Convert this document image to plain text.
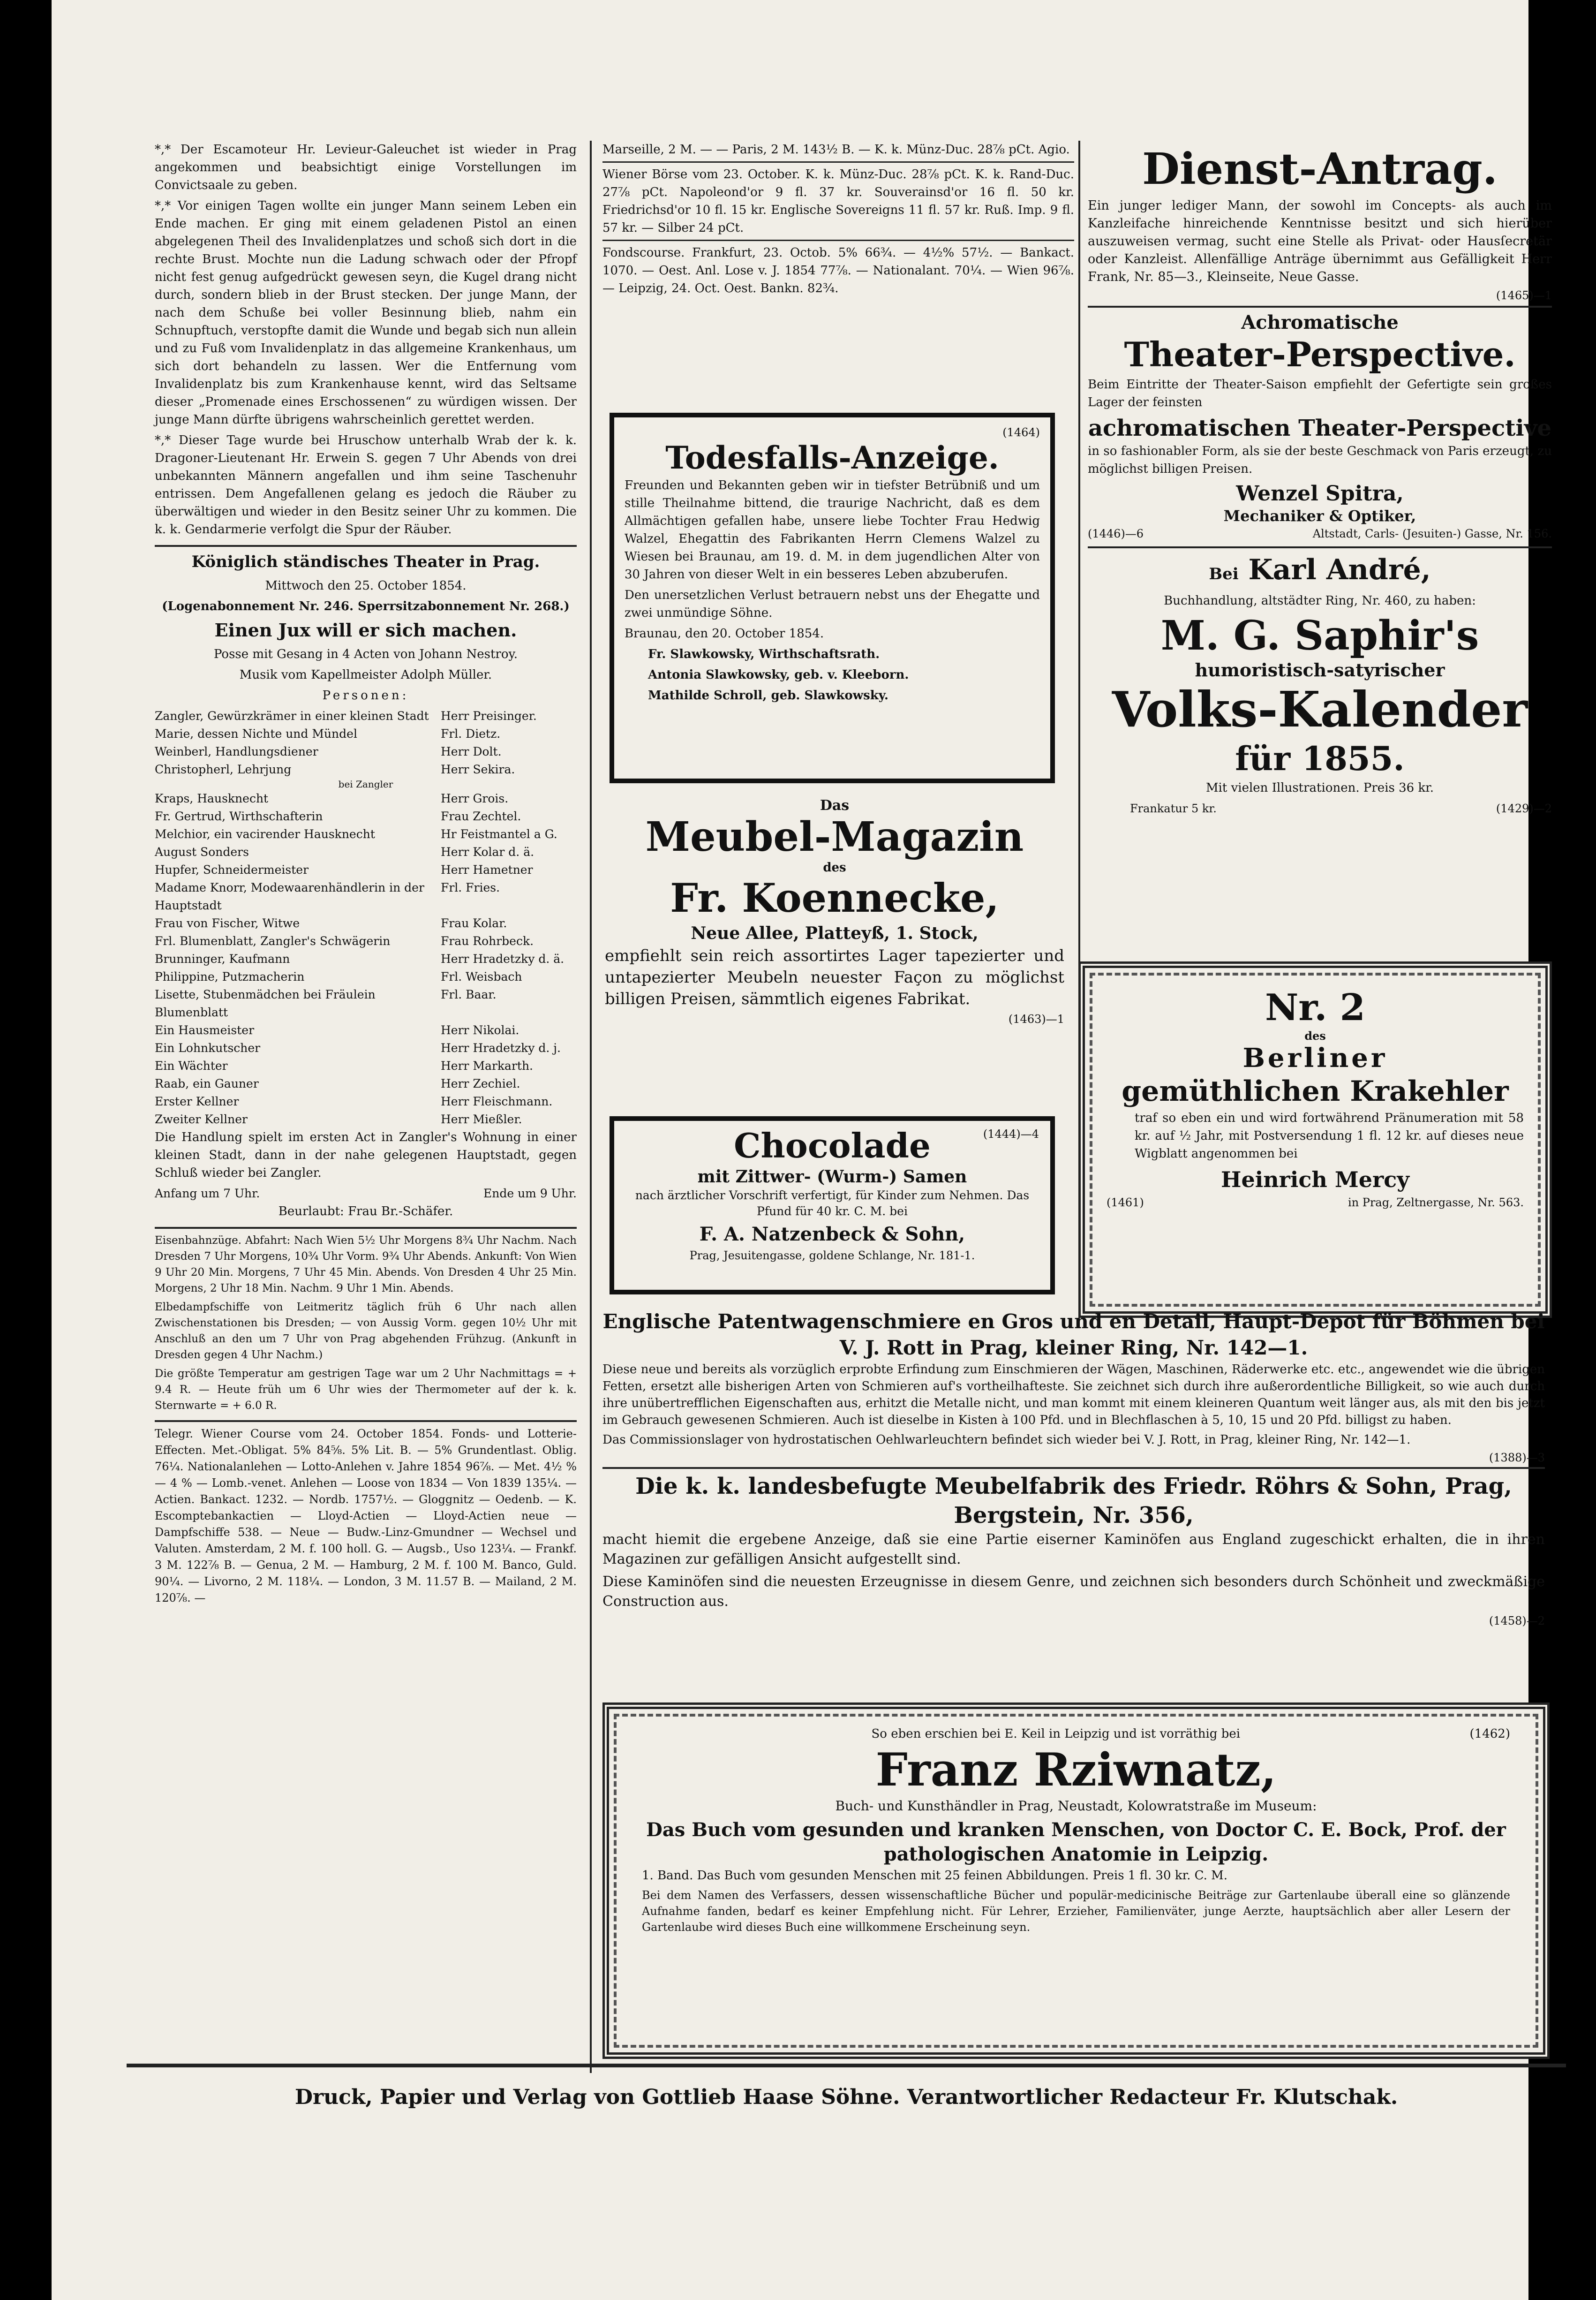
*,* Der Escamoteur Hr. Levieur-Galeuchet ist wieder in Prag angekommen und beabsichtigt einige Vorstellungen im Convictsaale zu geben.

*,* Vor einigen Tagen wollte ein junger Mann seinem Leben ein Ende machen. Er ging mit einem geladenen Pistol an einen abgelegenen Theil des Invalidenplatzes und schoß sich dort in die rechte Brust. Mochte nun die Ladung schwach oder der Pfropf nicht fest genug aufgedrückt gewesen seyn, die Kugel drang nicht durch, sondern blieb in der Brust stecken. Der junge Mann, der nach dem Schuße bei voller Besinnung blieb, nahm ein Schnupftuch, verstopfte damit die Wunde und begab sich nun allein und zu Fuß vom Invalidenplatz in das allgemeine Krankenhaus, um sich dort behandeln zu lassen. Wer die Entfernung vom Invalidenplatz bis zum Krankenhause kennt, wird das Seltsame dieser „Promenade eines Erschossenen“ zu würdigen wissen. Der junge Mann dürfte übrigens wahrscheinlich gerettet werden.

*,* Dieser Tage wurde bei Hruschow unterhalb Wrab der k. k. Dragoner-Lieutenant Hr. Erwein S. gegen 7 Uhr Abends von drei unbekannten Männern angefallen und ihm seine Taschenuhr entrissen. Dem Angefallenen gelang es jedoch die Räuber zu überwältigen und wieder in den Besitz seiner Uhr zu kommen. Die k. k. Gendarmerie verfolgt die Spur der Räuber.

Königlich ständisches Theater in Prag.

Mittwoch den 25. October 1854.

(Logenabonnement Nr. 246. Sperrsitzabonnement Nr. 268.)

Einen Jux will er sich machen.

Posse mit Gesang in 4 Acten von Johann Nestroy.

Musik vom Kapellmeister Adolph Müller.

Personen:

Zangler, Gewürzkrämer in einer kleinen Stadt Herr Preisinger.
Marie, dessen Nichte und Mündel	Frl. Dietz.
Weinberl, Handlungsdiener	Herr Dolt.
Christopherl, Lehrjung	Herr Sekira.
bei Zangler
Kraps, Hausknecht	Herr Grois.
Fr. Gertrud, Wirthschafterin	Frau Zechtel.
Melchior, ein vacirender Hausknecht	Hr Feistmantel a G.
August Sonders	Herr Kolar d. ä.
Hupfer, Schneidermeister	Herr Hametner
Madame Knorr, Modewaarenhändlerin in der Hauptstadt
Frl. Fries.
Frau von Fischer, Witwe	Frau Kolar.
Frl. Blumenblatt, Zangler's Schwägerin	Frau Rohrbeck.
Brunninger, Kaufmann	Herr Hradetzky d. ä.
Philippine, Putzmacherin	Frl. Weisbach
Lisette, Stubenmädchen bei Fräulein Blumenblatt
Frl. Baar.
Ein Hausmeister	Herr Nikolai.
Ein Lohnkutscher	Herr Hradetzky d. j.
Ein Wächter	Herr Markarth.
Raab, ein Gauner	Herr Zechiel.
Erster Kellner	Herr Fleischmann.
Zweiter Kellner	Herr Mießler.

Die Handlung spielt im ersten Act in Zangler's Wohnung in einer kleinen Stadt, dann in der nahe gelegenen Hauptstadt, gegen Schluß wieder bei Zangler.

Anfang um 7 Uhr.	Ende um 9 Uhr.

Beurlaubt: Frau Br.-Schäfer.

Eisenbahnzüge. Abfahrt: Nach Wien 5½ Uhr Morgens 8¾ Uhr Nachm. Nach Dresden 7 Uhr Morgens, 10¾ Uhr Vorm. 9¾ Uhr Abends. Ankunft: Von Wien 9 Uhr 20 Min. Morgens, 7 Uhr 45 Min. Abends. Von Dresden 4 Uhr 25 Min. Morgens, 2 Uhr 18 Min. Nachm. 9 Uhr 1 Min. Abends.

Elbedampfschiffe von Leitmeritz täglich früh 6 Uhr nach allen Zwischenstationen bis Dresden; — von Aussig Vorm. gegen 10½ Uhr mit Anschluß an den um 7 Uhr von Prag abgehenden Frühzug. (Ankunft in Dresden gegen 4 Uhr Nachm.)

Die größte Temperatur am gestrigen Tage war um 2 Uhr Nachmittags = + 9.4 R. — Heute früh um 6 Uhr wies der Thermometer auf der k. k. Sternwarte = + 6.0 R.

Telegr. Wiener Course vom 24. October 1854. Fonds- und Lotterie-Effecten. Met.-Obligat. 5% 84⅝. 5% Lit. B. — 5% Grundentlast. Oblig. 76¼. Nationalanlehen — Lotto-Anlehen v. Jahre 1854 96⅞. — Met. 4½ % — 4 % — Lomb.-venet. Anlehen — Loose von 1834 — Von 1839 135¼. — Actien. Bankact. 1232. — Nordb. 1757½. — Gloggnitz — Oedenb. — K. Escomptebankactien — Lloyd-Actien — Lloyd-Actien neue — Dampfschiffe 538. — Neue — Budw.-Linz-Gmundner — Wechsel und Valuten. Amsterdam, 2 M. f. 100 holl. G. — Augsb., Uso 123¼. — Frankf. 3 M. 122⅞ B. — Genua, 2 M. — Hamburg, 2 M. f. 100 M. Banco, Guld. 90¼. — Livorno, 2 M. 118¼. — London, 3 M. 11.57 B. — Mailand, 2 M. 120⅞. —

Marseille, 2 M. — — Paris, 2 M. 143½ B. — K. k. Münz-Duc. 28⅞ pCt. Agio.

Wiener Börse vom 23. October. K. k. Münz-Duc. 28⅞ pCt. K. k. Rand-Duc. 27⅞ pCt. Napoleond'or 9 fl. 37 kr. Souverainsd'or 16 fl. 50 kr. Friedrichsd'or 10 fl. 15 kr. Englische Sovereigns 11 fl. 57 kr. Ruß. Imp. 9 fl. 57 kr. — Silber 24 pCt.

Fondscourse. Frankfurt, 23. Octob. 5% 66¾. — 4½% 57½. — Bankact. 1070. — Oest. Anl. Lose v. J. 1854 77⅞. — Nationalant. 70¼. — Wien 96⅞. — Leipzig, 24. Oct. Oest. Bankn. 82¾.

(1464)
Todesfalls-Anzeige.

Freunden und Bekannten geben wir in tiefster Betrübniß und um stille Theilnahme bittend, die traurige Nachricht, daß es dem Allmächtigen gefallen habe, unsere liebe Tochter Frau Hedwig Walzel, Ehegattin des Fabrikanten Herrn Clemens Walzel zu Wiesen bei Braunau, am 19. d. M. in dem jugendlichen Alter von 30 Jahren von dieser Welt in ein besseres Leben abzuberufen.

Den unersetzlichen Verlust betrauern nebst uns der Ehegatte und zwei unmündige Söhne.

Braunau, den 20. October 1854.

Fr. Slawkowsky, Wirthschaftsrath.

Antonia Slawkowsky, geb. v. Kleeborn.

Mathilde Schroll, geb. Slawkowsky.

Das
Meubel-Magazin
des
Fr. Koennecke,
Neue Allee, Platteyß, 1. Stock,

empfiehlt sein reich assortirtes Lager tapezierter und untapezierter Meubeln neuester Façon zu möglichst billigen Preisen, sämmtlich eigenes Fabrikat.

(1463)—1
(1444)—4
Chocolade
mit Zittwer- (Wurm-) Samen

nach ärztlicher Vorschrift verfertigt, für Kinder zum Nehmen. Das Pfund für 40 kr. C. M. bei

F. A. Natzenbeck & Sohn,

Prag, Jesuitengasse, goldene Schlange, Nr. 181-1.

Dienst-Antrag.

Ein junger lediger Mann, der sowohl im Concepts- als auch im Kanzleifache hinreichende Kenntnisse besitzt und sich hierüber auszuweisen vermag, sucht eine Stelle als Privat- oder Hausſecretär oder Kanzleist. Allenfällige Anträge übernimmt aus Gefälligkeit Herr Frank, Nr. 85—3., Kleinseite, Neue Gasse.

(1465)—1
Achromatische
Theater-Perspective.

Beim Eintritte der Theater-Saison empfiehlt der Gefertigte sein großes Lager der feinsten

achromatischen Theater-Perspective

in so fashionabler Form, als sie der beste Geschmack von Paris erzeugt, zu möglichst billigen Preisen.

Wenzel Spitra,
Mechaniker & Optiker,
(1446)—6	Altstadt, Carls- (Jesuiten-) Gasse, Nr. 156.
Bei Karl André,

Buchhandlung, altstädter Ring, Nr. 460, zu haben:

M. G. Saphir's
humoristisch-satyrischer
Volks-Kalender
für 1855.

Mit vielen Illustrationen. Preis 36 kr.

Frankatur 5 kr.	(1429)—2
Nr. 2
des
Berliner
gemüthlichen Krakehler

traf so eben ein und wird fortwährend Pränumeration mit 58 kr. auf ½ Jahr, mit Postversendung 1 fl. 12 kr. auf dieses neue Wigblatt angenommen bei

Heinrich Mercy
(1461)	in Prag, Zeltnergasse, Nr. 563.
Englische Patentwagenschmiere en Gros und en Detail, Haupt-Depot für Böhmen bei V. J. Rott in Prag, kleiner Ring, Nr. 142—1.

Diese neue und bereits als vorzüglich erprobte Erfindung zum Einschmieren der Wägen, Maschinen, Räderwerke etc. etc., angewendet wie die übrigen Fetten, ersetzt alle bisherigen Arten von Schmieren auf's vortheilhafteste. Sie zeichnet sich durch ihre außerordentliche Billigkeit, so wie auch durch ihre unübertrefflichen Eigenschaften aus, erhitzt die Metalle nicht, und man kommt mit einem kleineren Quantum weit länger aus, als mit den bis jetzt im Gebrauch gewesenen Schmieren. Auch ist dieselbe in Kisten à 100 Pfd. und in Blechflaschen à 5, 10, 15 und 20 Pfd. billigst zu haben.

Das Commissionslager von hydrostatischen Oehlwarleuchtern befindet sich wieder bei V. J. Rott, in Prag, kleiner Ring, Nr. 142—1.

(1388)—3
Die k. k. landesbefugte Meubelfabrik des Friedr. Röhrs & Sohn, Prag, Bergstein, Nr. 356,

macht hiemit die ergebene Anzeige, daß sie eine Partie eiserner Kaminöfen aus England zugeschickt erhalten, die in ihren Magazinen zur gefälligen Ansicht aufgestellt sind.

Diese Kaminöfen sind die neuesten Erzeugnisse in diesem Genre, und zeichnen sich besonders durch Schönheit und zweckmäßige Construction aus.

(1458)—2
So eben erschien bei E. Keil in Leipzig und ist vorräthig bei	(1462)
Franz Rziwnatz,

Buch- und Kunsthändler in Prag, Neustadt, Kolowratstraße im Museum:

Das Buch vom gesunden und kranken Menschen, von Doctor C. E. Bock, Prof. der pathologischen Anatomie in Leipzig.

1. Band. Das Buch vom gesunden Menschen mit 25 feinen Abbildungen. Preis 1 fl. 30 kr. C. M.

Bei dem Namen des Verfassers, dessen wissenschaftliche Bücher und populär-medicinische Beiträge zur Gartenlaube überall eine so glänzende Aufnahme fanden, bedarf es keiner Empfehlung nicht. Für Lehrer, Erzieher, Familienväter, junge Aerzte, hauptsächlich aber aller Lesern der Gartenlaube wird dieses Buch eine willkommene Erscheinung seyn.

Druck, Papier und Verlag von Gottlieb Haase Söhne. Verantwortlicher Redacteur Fr. Klutschak.
